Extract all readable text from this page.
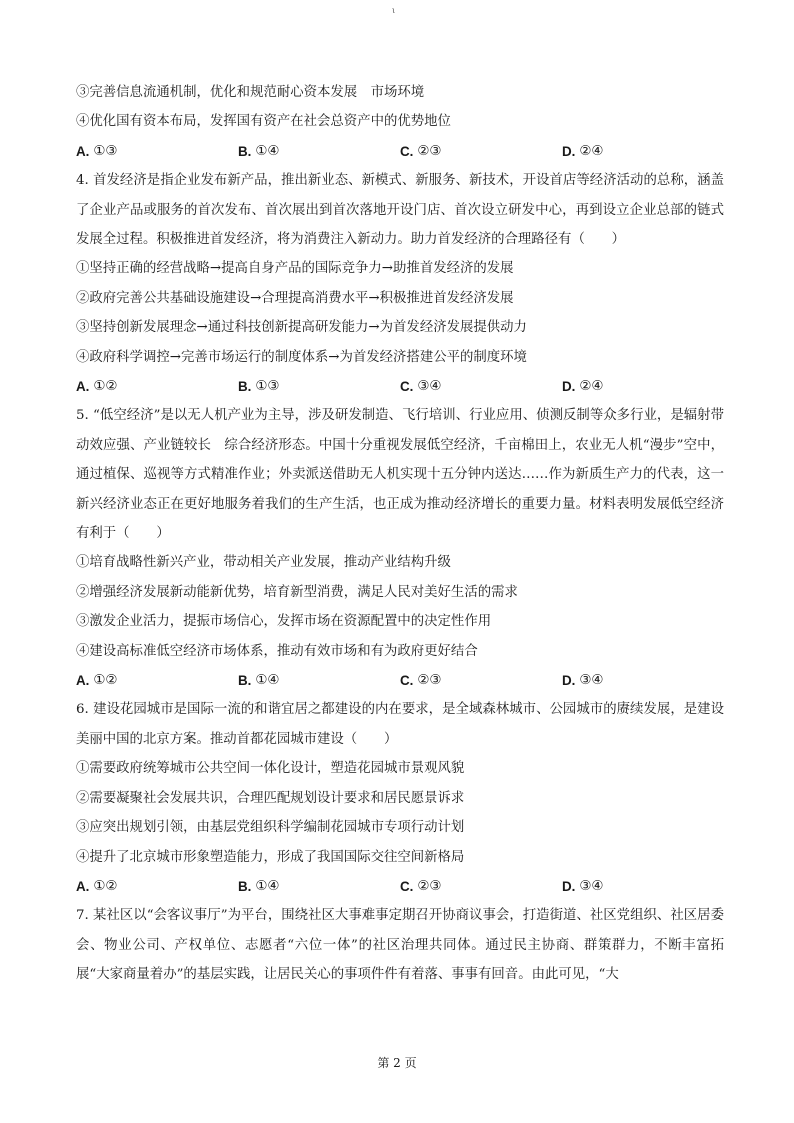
ι
③完善信息流通机制，优化和规范耐心资本发展　市场环境
④优化国有资本布局，发挥国有资产在社会总资产中的优势地位
A. ①③	B. ①④	C. ②③	D. ②④
4. 首发经济是指企业发布新产品，推出新业态、新模式、新服务、新技术，开设首店等经济活动的总称，涵盖了企业产品或服务的首次发布、首次展出到首次落地开设门店、首次设立研发中心，再到设立企业总部的链式发展全过程。积极推进首发经济，将为消费注入新动力。助力首发经济的合理路径有（　　）
①坚持正确的经营战略→提高自身产品的国际竞争力→助推首发经济的发展
②政府完善公共基础设施建设→合理提高消费水平→积极推进首发经济发展
③坚持创新发展理念→通过科技创新提高研发能力→为首发经济发展提供动力
④政府科学调控→完善市场运行的制度体系→为首发经济搭建公平的制度环境
A. ①②	B. ①③	C. ③④	D. ②④
5. “低空经济”是以无人机产业为主导，涉及研发制造、飞行培训、行业应用、侦测反制等众多行业，是辐射带动效应强、产业链较长　综合经济形态。中国十分重视发展低空经济，千亩棉田上，农业无人机“漫步”空中，通过植保、巡视等方式精准作业；外卖派送借助无人机实现十五分钟内送达……作为新质生产力的代表，这一新兴经济业态正在更好地服务着我们的生产生活，也正成为推动经济增长的重要力量。材料表明发展低空经济有利于（　　）
①培育战略性新兴产业，带动相关产业发展，推动产业结构升级
②增强经济发展新动能新优势，培育新型消费，满足人民对美好生活的需求
③激发企业活力，提振市场信心，发挥市场在资源配置中的决定性作用
④建设高标准低空经济市场体系，推动有效市场和有为政府更好结合
A. ①②	B. ①④	C. ②③	D. ③④
6. 建设花园城市是国际一流的和谐宜居之都建设的内在要求，是全域森林城市、公园城市的赓续发展，是建设美丽中国的北京方案。推动首都花园城市建设（　　）
①需要政府统筹城市公共空间一体化设计，塑造花园城市景观风貌
②需要凝聚社会发展共识，合理匹配规划设计要求和居民愿景诉求
③应突出规划引领，由基层党组织科学编制花园城市专项行动计划
④提升了北京城市形象塑造能力，形成了我国国际交往空间新格局
A. ①②	B. ①④	C. ②③	D. ③④
7. 某社区以“会客议事厅”为平台，围绕社区大事难事定期召开协商议事会，打造街道、社区党组织、社区居委会、物业公司、产权单位、志愿者“六位一体”的社区治理共同体。通过民主协商、群策群力，不断丰富拓展“大家商量着办”的基层实践，让居民关心的事项件件有着落、事事有回音。由此可见，“大
第 2 页
